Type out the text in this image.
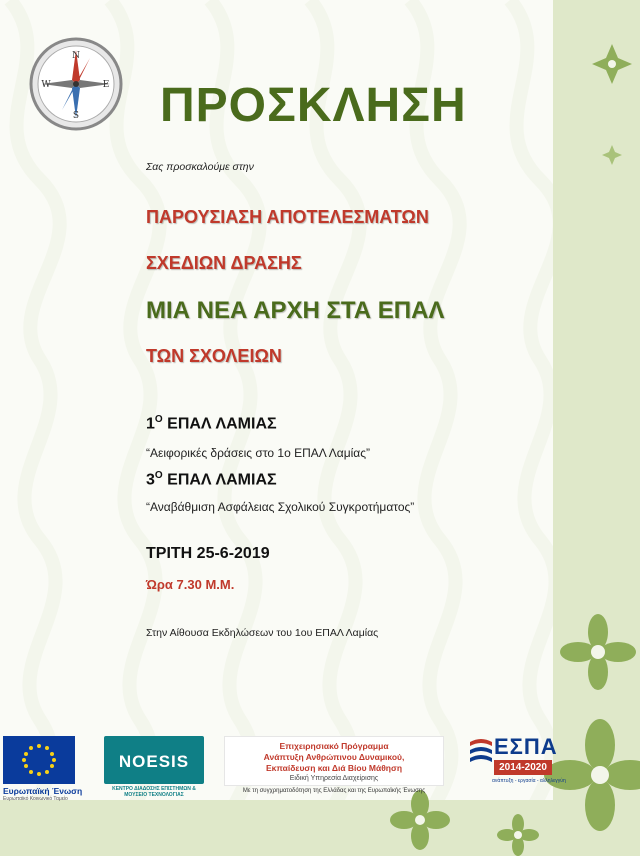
N
S
E
W ΠΡΟΣΚΛΗΣΗ
Σας προσκαλούμε στην
ΠΑΡΟΥΣΙΑΣΗ ΑΠΟΤΕΛΕΣΜΑΤΩΝ
ΣΧΕΔΙΩΝ ΔΡΑΣΗΣ
ΜΙΑ ΝΕΑ ΑΡΧΗ ΣΤΑ ΕΠΑΛ
ΤΩΝ ΣΧΟΛΕΙΩΝ
$1^O$ ΕΠΑΛ ΛΑΜΙΑΣ
“Αειφορικές δράσεις στο 1ο ΕΠΑΛ Λαμίας”
$3^O$ ΕΠΑΛ ΛΑΜΙΑΣ
“Αναβάθμιση Ασφάλειας Σχολικού Συγκροτήματος”
ΤΡΙΤΗ 25-6-2019
Ώρα 7.30 Μ.Μ.
Στην Αίθουσα Εκδηλώσεων του 1ου ΕΠΑΛ Λαμίας
Ευρωπαϊκή Ένωση
Ευρωπαϊκό Κοινωνικό Ταμείο
NOESIS
ΚΕΝΤΡΟ ΔΙΑΔΟΣΗΣ ΕΠΙΣΤΗΜΩΝ & ΜΟΥΣΕΙΟ ΤΕΧΝΟΛΟΓΙΑΣ
Επιχειρησιακό Πρόγραμμα
Ανάπτυξη Ανθρώπινου Δυναμικού,
Εκπαίδευση και Διά Βίου Μάθηση
Ειδική Υπηρεσία Διαχείρισης
Με τη συγχρηματοδότηση της Ελλάδας και της Ευρωπαϊκής Ένωσης
ΕΣΠΑ
2014-2020
ανάπτυξη - εργασία - αλληλεγγύη
